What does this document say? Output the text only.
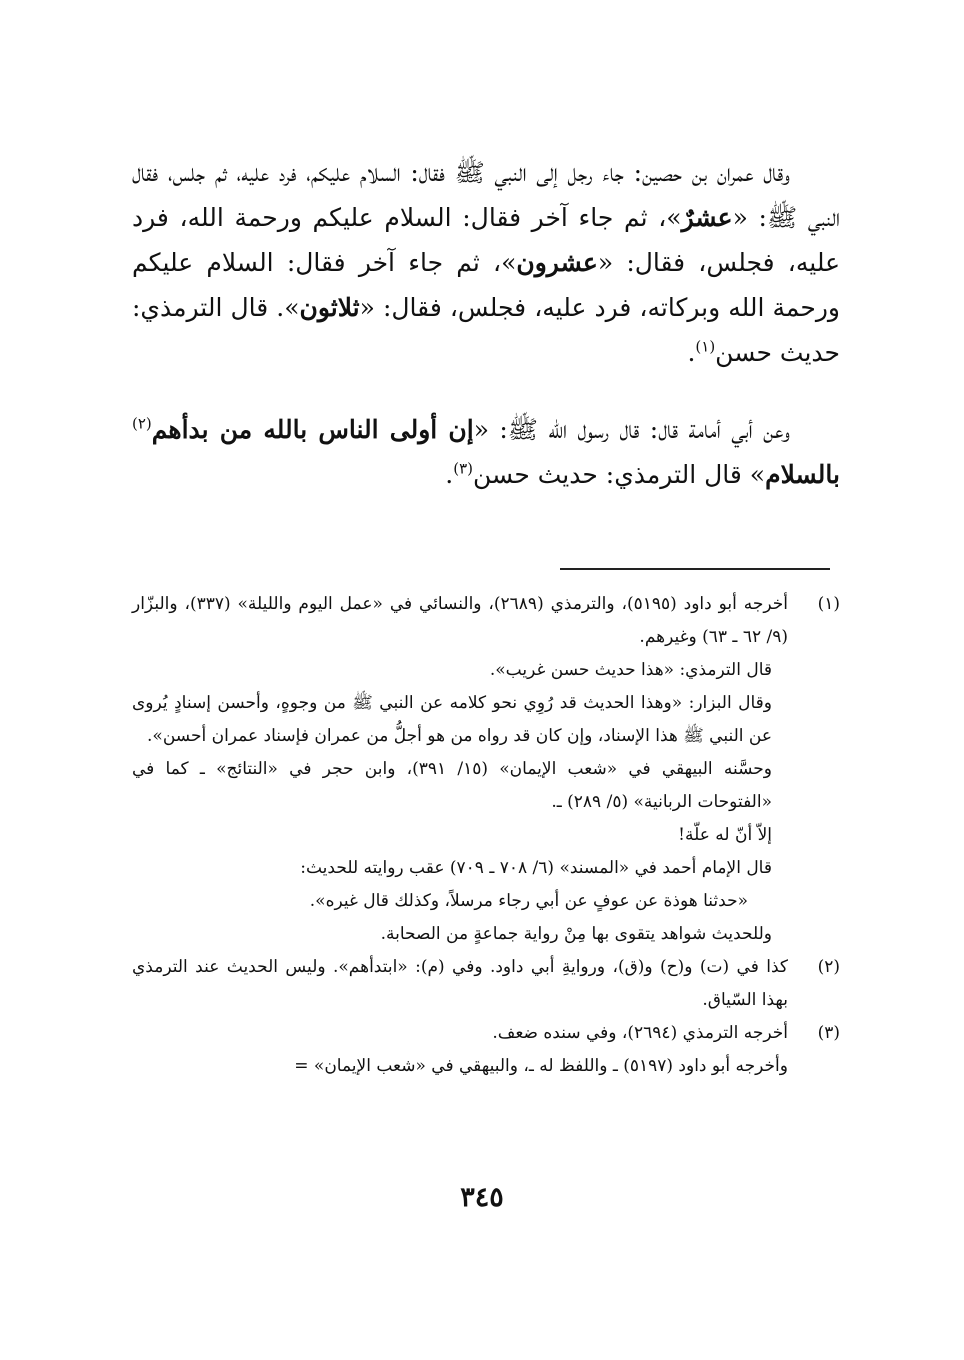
وقال عمران بن حصين: جاء رجل إلى النبي ﷺ فقال: السلام عليكم، فرد عليه، ثم جلس، فقال النبي ﷺ: «عشرٌ»، ثم جاء آخر فقال: السلام عليكم ورحمة الله، فرد عليه، فجلس، فقال: «عشرون»، ثم جاء آخر فقال: السلام عليكم ورحمة الله وبركاته، فرد عليه، فجلس، فقال: «ثلاثون». قال الترمذي: حديث حسن$^{(١)}$.

وعن أبي أمامة قال: قال رسول الله ﷺ: «إن أولى الناس بالله من بدأهم$^{(٢)}$ بالسلام» قال الترمذي: حديث حسن$^{(٣)}$.

(١)

أخرجه أبو داود (٥١٩٥)، والترمذي (٢٦٨٩)، والنسائي في «عمل اليوم والليلة» (٣٣٧)، والبزّار (٩/ ٦٢ ـ ٦٣) وغيرهم.

قال الترمذي: «هذا حديث حسن غريب».

وقال البزار: «وهذا الحديث قد رُوِي نحو كلامه عن النبي ﷺ من وجوهٍ، وأحسن إسنادٍ يُروى عن النبي ﷺ هذا الإسناد، وإن كان قد رواه من هو أجلُّ من عمران فإسناد عمران أحسن».

وحسَّنه البيهقي في «شعب الإيمان» (١٥/ ٣٩١)، وابن حجر في «النتائج» ـ كما في «الفتوحات الربانية» (٥/ ٢٨٩) ـ.

إلاّ أنّ له علّة!

قال الإمام أحمد في «المسند» (٦/ ٧٠٨ ـ ٧٠٩) عقب روايته للحديث:

«حدثنا هوذة عن عوفٍ عن أبي رجاء مرسلاً، وكذلك قال غيره».

وللحديث شواهد يتقوى بها مِنْ رواية جماعةٍ من الصحابة.

(٢)

كذا في (ت) و(ح) و(ق)، وروايةِ أبي داود. وفي (م): «ابتدأهم». وليس الحديث عند الترمذي بهذا السّياق.

(٣)

أخرجه الترمذي (٢٦٩٤)، وفي سنده ضعف.

وأخرجه أبو داود (٥١٩٧) ـ واللفظ له ـ، والبيهقي في «شعب الإيمان» =

٣٤٥
